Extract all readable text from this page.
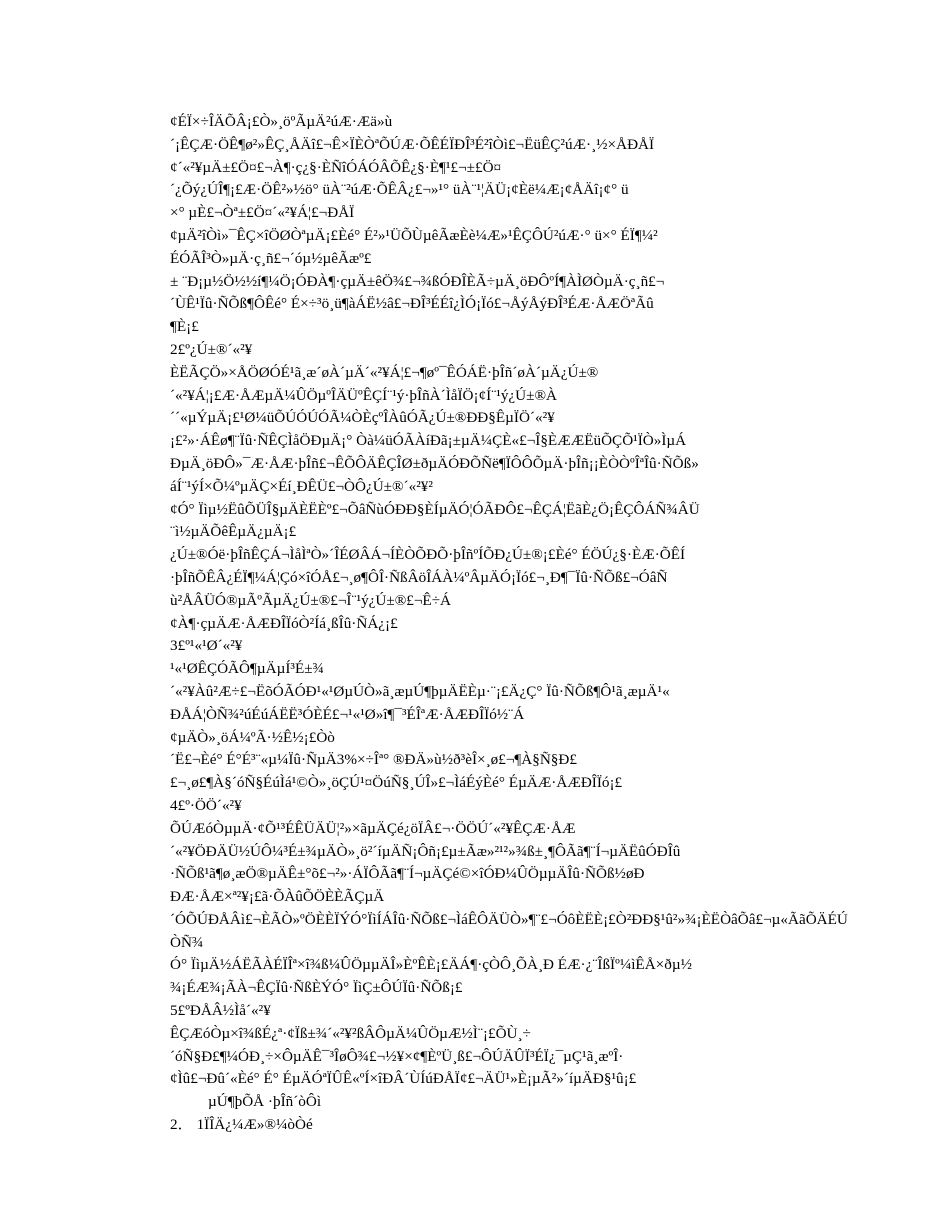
¢ÉÏ×÷ÎÄÕÂ¡£Ò»¸öºÃµÄ²úÆ·Æä»ù
´¡ÊÇÆ·ÖÊ¶ø²»ÊÇ¸ÅÄî£¬Ê×ÏÈÒªÕÚÆ·ÕÊÉÏÐÎ³É²îÒì£¬ËüÊÇ²úÆ·¸½×ÅÐÅÏ
¢´«²¥µÄ±£Ö¤£¬À¶·ç¿§·ÈÑîÓÁÓÂÕÊ¿§·È¶¹£¬±£Ö¤
´¿Õý¿ÚÎ¶¡£Æ·ÖÊ²»½ö° üÀ¨²úÆ·ÕÊÂ¿£¬»¹° üÀ¨¹¦ÄÜ¡¢Èë¼Æ¡¢ÅÄî¡¢° ü
×° µÈ£¬Òª±£Ö¤´«²¥Á¦£¬ÐÅÏ
¢µÄ²îÒì»¯ÊÇ×îÖØÒªµÄ¡£Èé° É²»¹ÜÕÙµêÃæÈè¼Æ»¹ÊÇÔÚ²úÆ·° ü×° ÉÏ¶¼²
ÉÓÃÎ³Ò»µÄ·ç¸ñ£¬´óµ½µêÃæº£
± ¨Ð¡µ½Ö½½í¶¼Ö¡ÓÐÀ¶·çµÄ±êÖ¾£¬¾ßÓÐÎÈÃ÷µÄ¸öÐÔºÍ¶ÀÌØÒµÄ·ç¸ñ£¬
´ÙÊ¹Ïû·ÑÕß¶ÔÊé° É×÷³ö¸ü¶àÁË½â£¬ÐÎ³ÉÉî¿ÌÓ¡Ïó£¬ÅýÅýÐÎ³ÉÆ·ÅÆÖªÃû
¶È¡£
2£º¿Ú±®´«²¥
ÈËÃÇÖ»×ÅÖØÓÉ¹ã¸æ´øÀ´µÄ´«²¥Á¦£¬¶øº¯ÊÓÁË·þÎñ´øÀ´µÄ¿Ú±®
´«²¥Á¦¡£Æ·ÅÆµÄ¼ÛÖµºÎÄÜºÊÇÍ¨¹ý·þÎñÀ´ÌåÏÖ¡¢Í¨¹ý¿Ú±®À
´´«µÝµÄ¡£¹Ø¼üÕÚÓÚÓÃ¼ÒÈçºÎÀûÓÃ¿Ú±®ÐÐ§ÊµÏÖ´«²¥
¡£²»·ÁÊø¶¨Ïû·ÑÊÇÌåÖÐµÄ¡° Òà¼üÓÃÀíÐã¡±µÄ¼ÇÈ«£¬Î§ÈÆÆËüÕÇÕ¹ÏÒ»ÌµÁ
ÐµÄ¸öÐÔ»¯Æ·ÅÆ·þÎñ£¬ÊÕÔÄÊÇÎØ±ðµÄÓÐÕÑë¶ÏÔÔÕµÄ·þÎñ¡¡ÈÒÒºÎªÎû·ÑÕß»
áÍ¨¹ýÍ×Õ¼ºµÄÇ×Éí¸ÐÊÜ£¬ÒÔ¿Ú±®´«²¥²
¢Ó° Ïìµ½ËûÕÜÎ§µÄÈËÈº£¬ÕâÑùÓÐÐ§ÈÍµÄÓ¦ÓÃÐÔ£¬ÊÇÁ¦ËãÈ¿Ö¡ÊÇÔÁÑ¾ÂÜ
¨ì½µÄÕêÊµÄ¿µÄ¡£
¿Ú±®Óë·þÎñÊÇÁ¬ÌåÌªÒ»´ÎÉØÂÁ¬ÍÈÒÕÐÕ·þÎñºÍÕÐ¿Ú±®¡£Èé° ÉÖÚ¿§·ÈÆ·ÕÊÍ
·þÎñÕÊÂ¿ÉÏ¶¼Á¦Çó×îÓÅ£¬¸ø¶ÔÎ·ÑßÂöÎÁÀ¼ºÂµÄÓ¡Ïó£¬¸Ð¶¯Ïû·ÑÕß£¬ÓâÑ
ù²ÅÂÜÓ®µÃºÃµÄ¿Ú±®£¬Î¨¹ý¿Ú±®£¬Ê÷Á
¢À¶·çµÄÆ·ÅÆÐÎÏóÒ²Íá¸ßÎû·ÑÁ¿¡£
3£º¹«¹Ø´«²¥
¹«¹ØÊÇÓÃÔ¶µÄµÍ³É±¾
´«²¥Àû²Æ÷£¬ËõÓÃÓÐ¹«¹ØµÚÒ»ã¸æµÚ¶þµÄËÈµ·¨¡£Ä¿Ç° Ïû·ÑÕß¶Ô¹ã¸æµÄ¹«
ÐÅÁ¦ÒÑ¾²úÉúÁËË³ÓÈÉ£¬¹«¹Ø»î¶¯³ÉÎªÆ·ÅÆÐÎÏó½¨Á
¢µÄÒ»¸öÁ¼ºÃ·½Ê½¡£Òò
´Ë£¬Èé° É°É³¨«µ¼Ïû·ÑµÄ3%×÷Îª° ®ÐÄ»ù½ð³èÎ×¸ø£¬¶À§Ñ§Ð£
£¬¸ø£¶À§´óÑ§ÉúÌá¹©Ò»¸öÇÚ¹¤ÖúÑ§¸ÚÎ»£¬ÌáÉýÈé° ÉµÄÆ·ÅÆÐÎÏó¡£
4£º·ÖÖ´«²¥
ÕÚÆóÒµµÄ·¢Õ¹³ÉÊÜÄÜ¦²»×ãµÄÇé¿öÏÂ£¬·ÖÖÚ´«²¥ÊÇÆ·ÅÆ
´«²¥ÖÐÄÜ½ÚÔ¼³É±¾µÄÒ»¸ö²´íµÄÑ¡Ôñ¡£µ±Ãæ»²¹²»¾ß±¸¶ÔÃã¶¨Í¬µÄËûÓÐÎû
·ÑÕß¹ã¶ø¸æÖ®µÄÊ±°õ£¬²»·ÁÏÔÃã¶¨Í¬µÄÇé©×îÓÐ¼ÛÖµµÄÎû·ÑÕß½øÐ
ÐÆ·ÅÆ×ª²¥¡£ã·ÕÀûÕÖÈÈÃÇµÄ
´ÓÕÚÐÅÂì£¬ÈÃÒ»ºÖÈÈÏÝÓ°ÏìÍÁÎû·ÑÕß£¬ÌáÊÔÄÜÒ»¶¨£¬ÓôÈËÈ¡£Ò²ÐÐ§¹û²»¾¡ÈËÒâÕâ£¬µ«ÃãÕÄÉÚ
ÒÑ¾
Ó° ÏìµÄ½ÁËÃÀÉÏÎª×î¾ß¼ÛÖµµÄÎ»ÈºÊÈ¡£ÄÁ¶·çÒÔ¸ÕÀ¸Ð ÉÆ·¿¨ÎßÏº¼ìÊÅ×ðµ½
¾¡ÉÆ¾¡ÃÀ¬ÊÇÏû·ÑßÈÝÓ° ÏìÇ±ÔÚÏû·ÑÕß¡£
5£ºÐÅÂ½Ìå´«²¥
ÊÇÆóÒµ×î¾ßÉ¿ª·¢Ïß±¾´«²¥²ßÂÔµÄ¼ÛÖµÆ½Ì¨¡£ÕÙ¸÷
´óÑ§Ð£¶¼ÓÐ¸÷×ÔµÄÊ¯³ÎøÔ¾£¬½¥×¢¶ÈºÜ¸ß£¬ÔÚÄÛÏ³ÉÏ¿¯µÇ¹ã¸æºÎ·
¢Ìû£¬Ðû´«Èé° É° ÉµÄÓªÏÛÊ«ºÍ×îÐÂ´ÙÍúÐÅÏ¢£¬ÄÜ¹»È¡µÃ²»´íµÄÐ§¹û¡£
µÚ¶þÕÅ ·þÎñ´òÔì
2． 1ÏÎÄ¿¼Æ»®¼òÒé
